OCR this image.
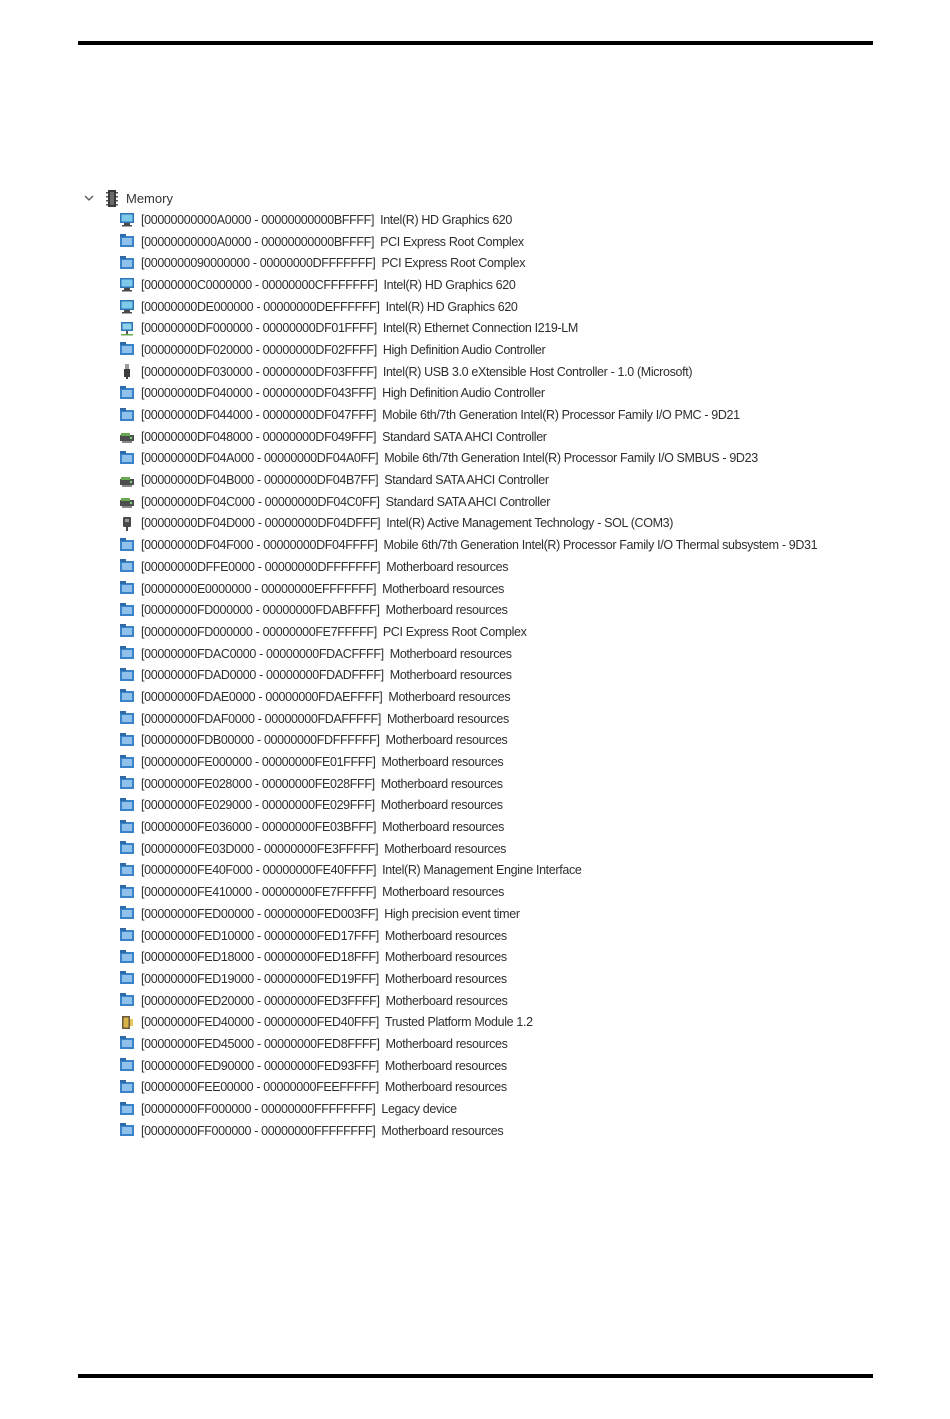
Memory
[00000000000A0000 - 00000000000BFFFF] Intel(R) HD Graphics 620
[00000000000A0000 - 00000000000BFFFF] PCI Express Root Complex
[0000000090000000 - 00000000DFFFFFFF] PCI Express Root Complex
[00000000C0000000 - 00000000CFFFFFFF] Intel(R) HD Graphics 620
[00000000DE000000 - 00000000DEFFFFFF] Intel(R) HD Graphics 620
[00000000DF000000 - 00000000DF01FFFF] Intel(R) Ethernet Connection I219-LM
[00000000DF020000 - 00000000DF02FFFF] High Definition Audio Controller
[00000000DF030000 - 00000000DF03FFFF] Intel(R) USB 3.0 eXtensible Host Controller - 1.0 (Microsoft)
[00000000DF040000 - 00000000DF043FFF] High Definition Audio Controller
[00000000DF044000 - 00000000DF047FFF] Mobile 6th/7th Generation Intel(R) Processor Family I/O PMC - 9D21
[00000000DF048000 - 00000000DF049FFF] Standard SATA AHCI Controller
[00000000DF04A000 - 00000000DF04A0FF] Mobile 6th/7th Generation Intel(R) Processor Family I/O SMBUS - 9D23
[00000000DF04B000 - 00000000DF04B7FF] Standard SATA AHCI Controller
[00000000DF04C000 - 00000000DF04C0FF] Standard SATA AHCI Controller
[00000000DF04D000 - 00000000DF04DFFF] Intel(R) Active Management Technology - SOL (COM3)
[00000000DF04F000 - 00000000DF04FFFF] Mobile 6th/7th Generation Intel(R) Processor Family I/O Thermal subsystem - 9D31
[00000000DFFE0000 - 00000000DFFFFFFF] Motherboard resources
[00000000E0000000 - 00000000EFFFFFFF] Motherboard resources
[00000000FD000000 - 00000000FDABFFFF] Motherboard resources
[00000000FD000000 - 00000000FE7FFFFF] PCI Express Root Complex
[00000000FDAC0000 - 00000000FDACFFFF] Motherboard resources
[00000000FDAD0000 - 00000000FDADFFFF] Motherboard resources
[00000000FDAE0000 - 00000000FDAEFFFF] Motherboard resources
[00000000FDAF0000 - 00000000FDAFFFFF] Motherboard resources
[00000000FDB00000 - 00000000FDFFFFFF] Motherboard resources
[00000000FE000000 - 00000000FE01FFFF] Motherboard resources
[00000000FE028000 - 00000000FE028FFF] Motherboard resources
[00000000FE029000 - 00000000FE029FFF] Motherboard resources
[00000000FE036000 - 00000000FE03BFFF] Motherboard resources
[00000000FE03D000 - 00000000FE3FFFFF] Motherboard resources
[00000000FE40F000 - 00000000FE40FFFF] Intel(R) Management Engine Interface
[00000000FE410000 - 00000000FE7FFFFF] Motherboard resources
[00000000FED00000 - 00000000FED003FF] High precision event timer
[00000000FED10000 - 00000000FED17FFF] Motherboard resources
[00000000FED18000 - 00000000FED18FFF] Motherboard resources
[00000000FED19000 - 00000000FED19FFF] Motherboard resources
[00000000FED20000 - 00000000FED3FFFF] Motherboard resources
[00000000FED40000 - 00000000FED40FFF] Trusted Platform Module 1.2
[00000000FED45000 - 00000000FED8FFFF] Motherboard resources
[00000000FED90000 - 00000000FED93FFF] Motherboard resources
[00000000FEE00000 - 00000000FEEFFFFF] Motherboard resources
[00000000FF000000 - 00000000FFFFFFFF] Legacy device
[00000000FF000000 - 00000000FFFFFFFF] Motherboard resources
